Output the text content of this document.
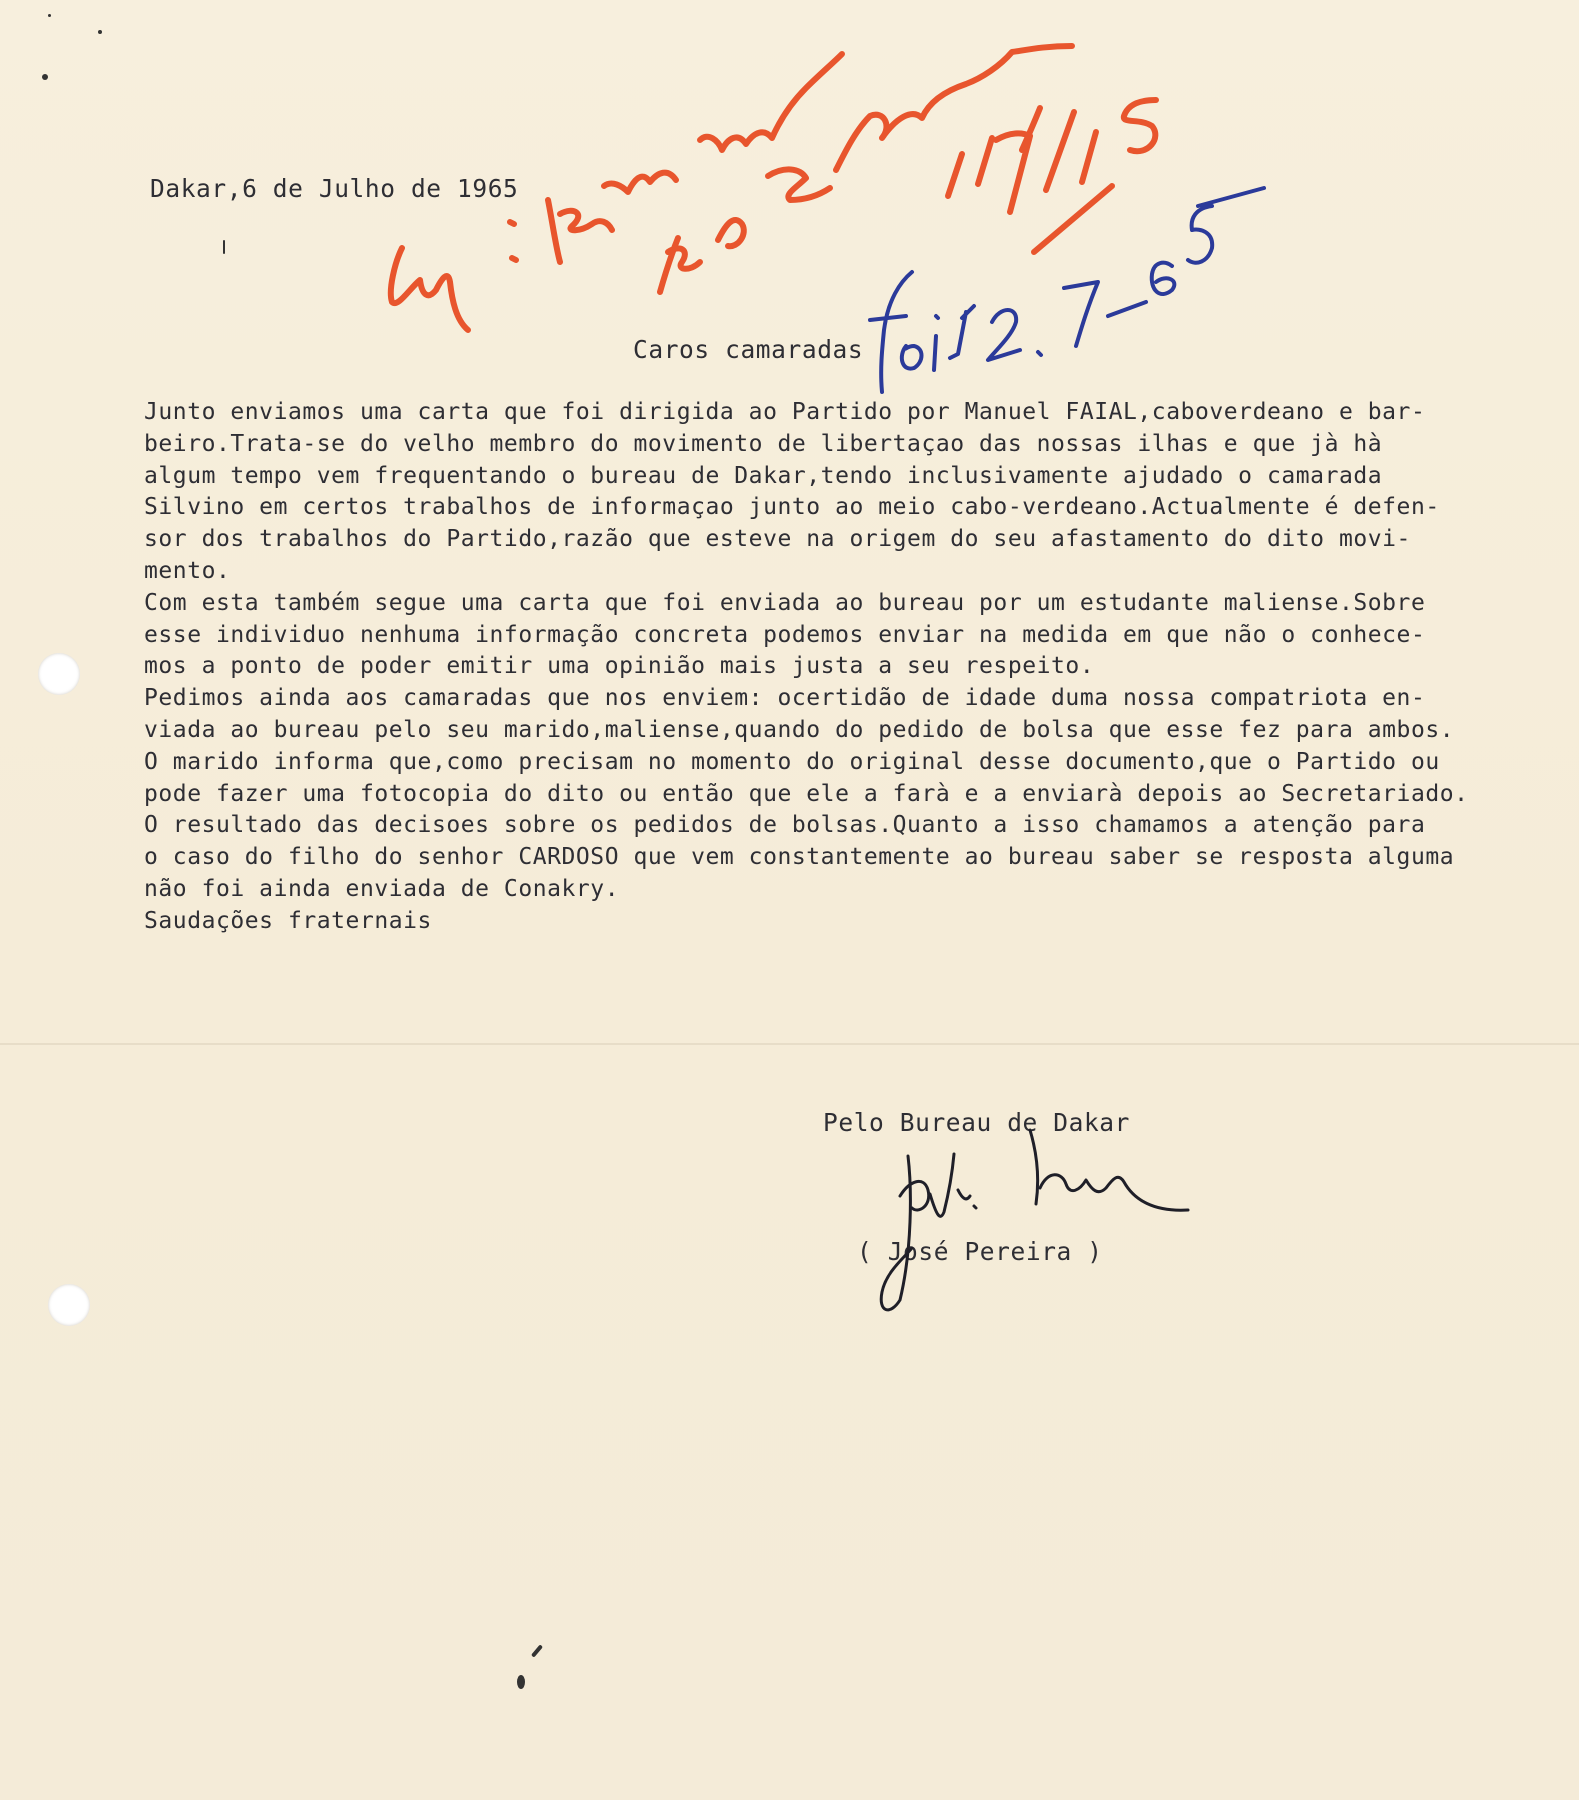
Dakar,6 de Julho de 1965
Caros camaradas

Junto enviamos uma carta que foi dirigida ao Partido por Manuel FAIAL,caboverdeano e bar-

beiro.Trata-se do velho membro do movimento de libertaçao das nossas ilhas e que jà hà

algum tempo vem frequentando o bureau de Dakar,tendo inclusivamente ajudado o camarada

Silvino em certos trabalhos de informaçao junto ao meio cabo-verdeano.Actualmente é defen-

sor dos trabalhos do Partido,razão que esteve na origem do seu afastamento do dito movi-

mento.

Com esta também segue uma carta que foi enviada ao bureau por um estudante maliense.Sobre

esse individuo nenhuma informação concreta podemos enviar na medida em que não o conhece-

mos a ponto de poder emitir uma opinião mais justa a seu respeito.

Pedimos ainda aos camaradas que nos enviem: ocertidão de idade duma nossa compatriota en-

viada ao bureau pelo seu marido,maliense,quando do pedido de bolsa que esse fez para ambos.

O marido informa que,como precisam no momento do original desse documento,que o Partido ou

pode fazer uma fotocopia do dito ou então que ele a farà e a enviarà depois ao Secretariado.

O resultado das decisoes sobre os pedidos de bolsas.Quanto a isso chamamos a atenção para

o caso do filho do senhor CARDOSO que vem constantemente ao bureau saber se resposta alguma

não foi ainda enviada de Conakry.

Saudações fraternais

Pelo Bureau de Dakar
( José Pereira )
